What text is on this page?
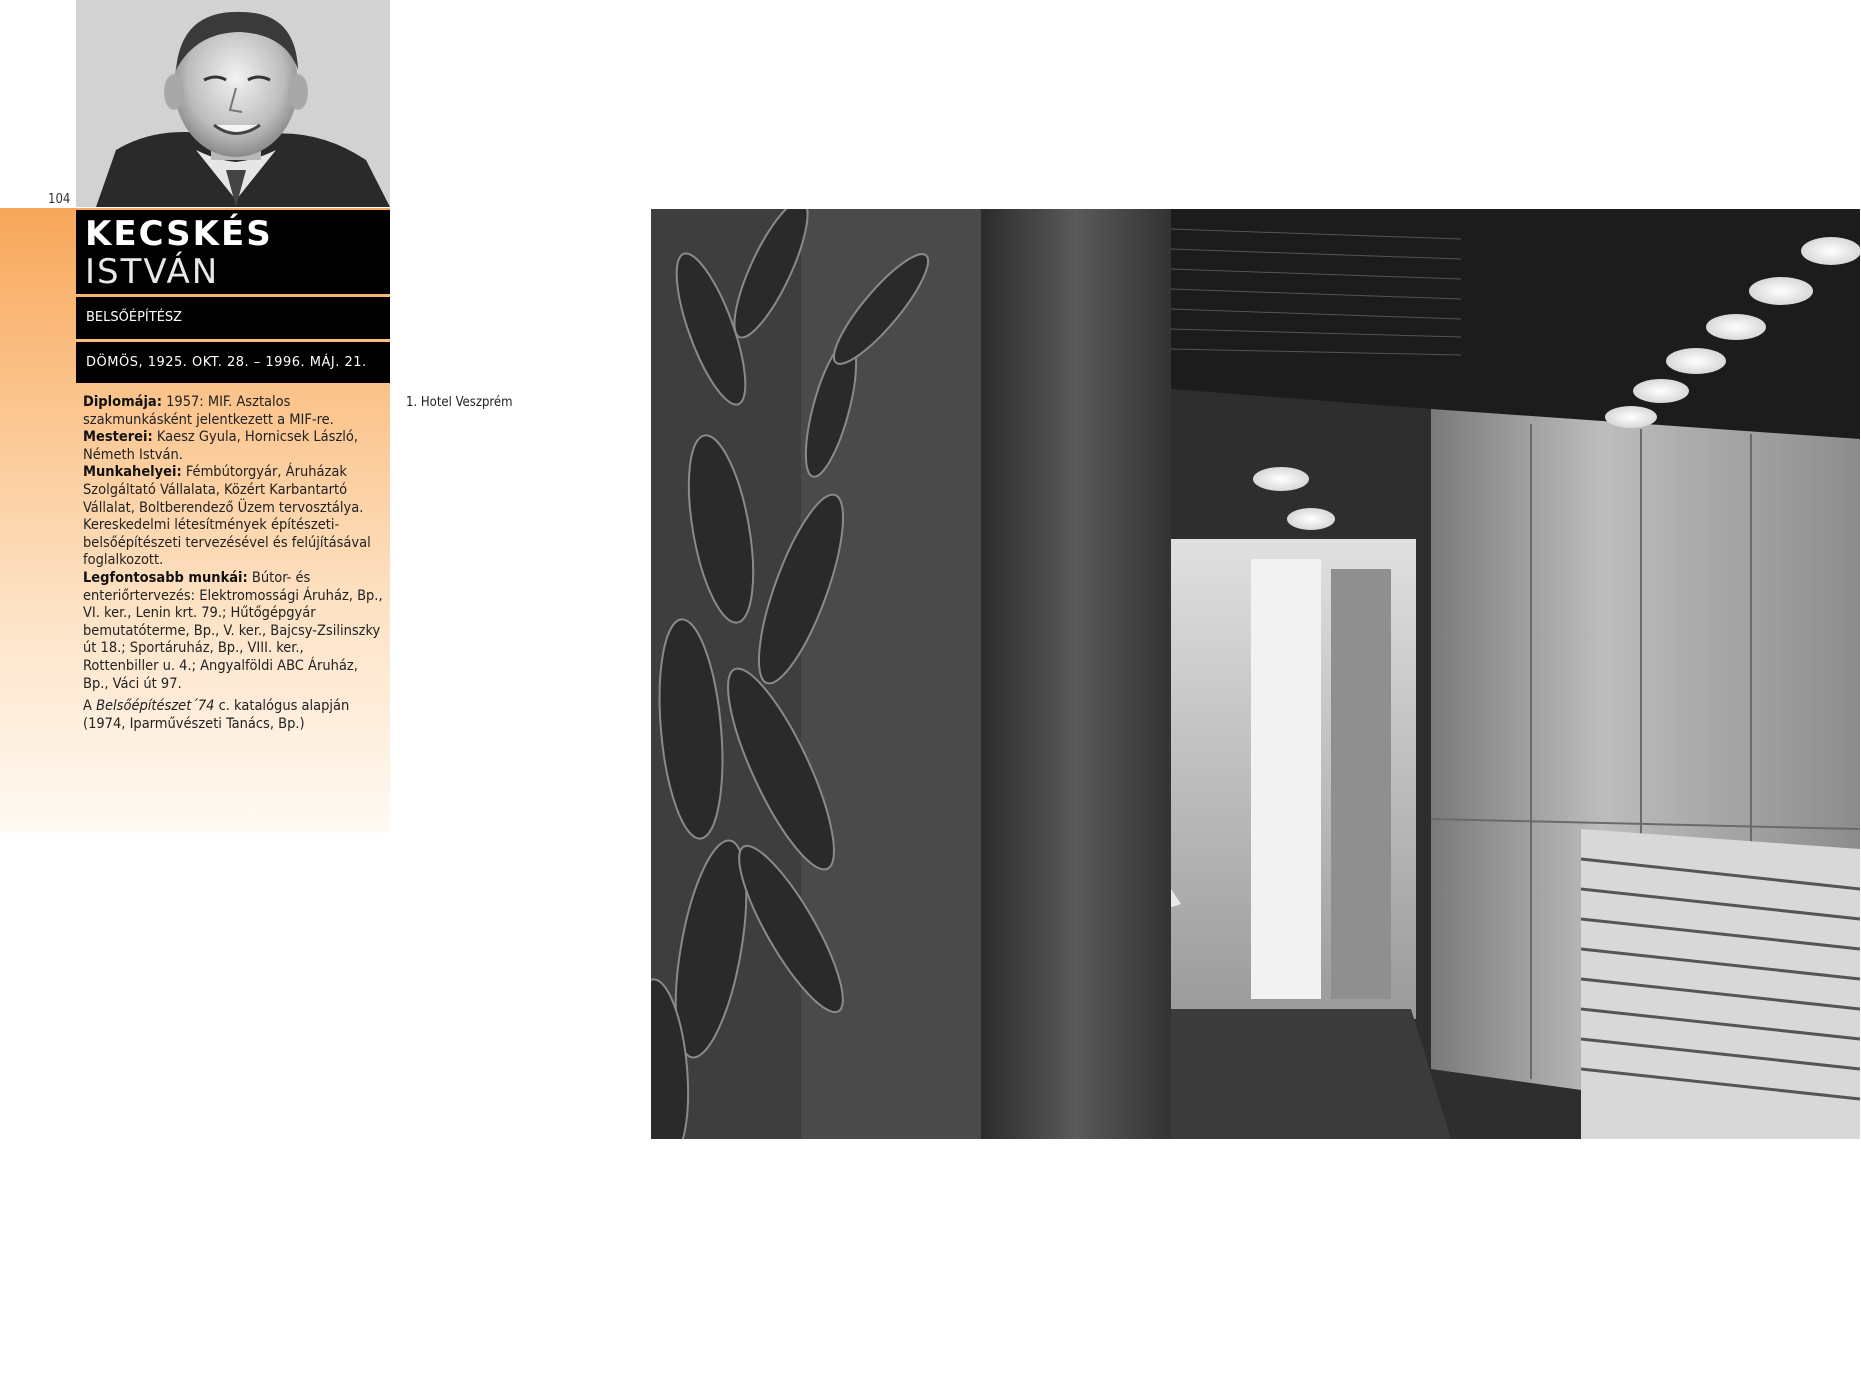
104
KECSKÉS
ISTVÁN
BELSŐÉPÍTÉSZ
DÖMÖS, 1925. OKT. 28. – 1996. MÁJ. 21.

Diplomája: 1957: MIF. Asztalos szakmunkásként jelentkezett a MIF-re.

Mesterei: Kaesz Gyula, Hornicsek László, Németh István.

Munkahelyei: Fémbútorgyár, Áruházak Szolgáltató Vállalata, Közért Karbantartó Vállalat, Boltberendező Üzem tervosztálya. Kereskedelmi létesítmények építészeti-belsőépítészeti tervezésével és felújításával foglalkozott.

Legfontosabb munkái: Bútor- és enteriőrtervezés: Elektromossági Áruház, Bp., VI. ker., Lenin krt. 79.; Hűtőgépgyár bemutatóterme, Bp., V. ker., Bajcsy-Zsilinszky út 18.; Sportáruház, Bp., VIII. ker., Rottenbiller u. 4.; Angyalföldi ABC Áruház, Bp., Váci út 97.

A Belsőépítészet´74 c. katalógus alapján

(1974, Iparművészeti Tanács, Bp.)

1. Hotel Veszprém
